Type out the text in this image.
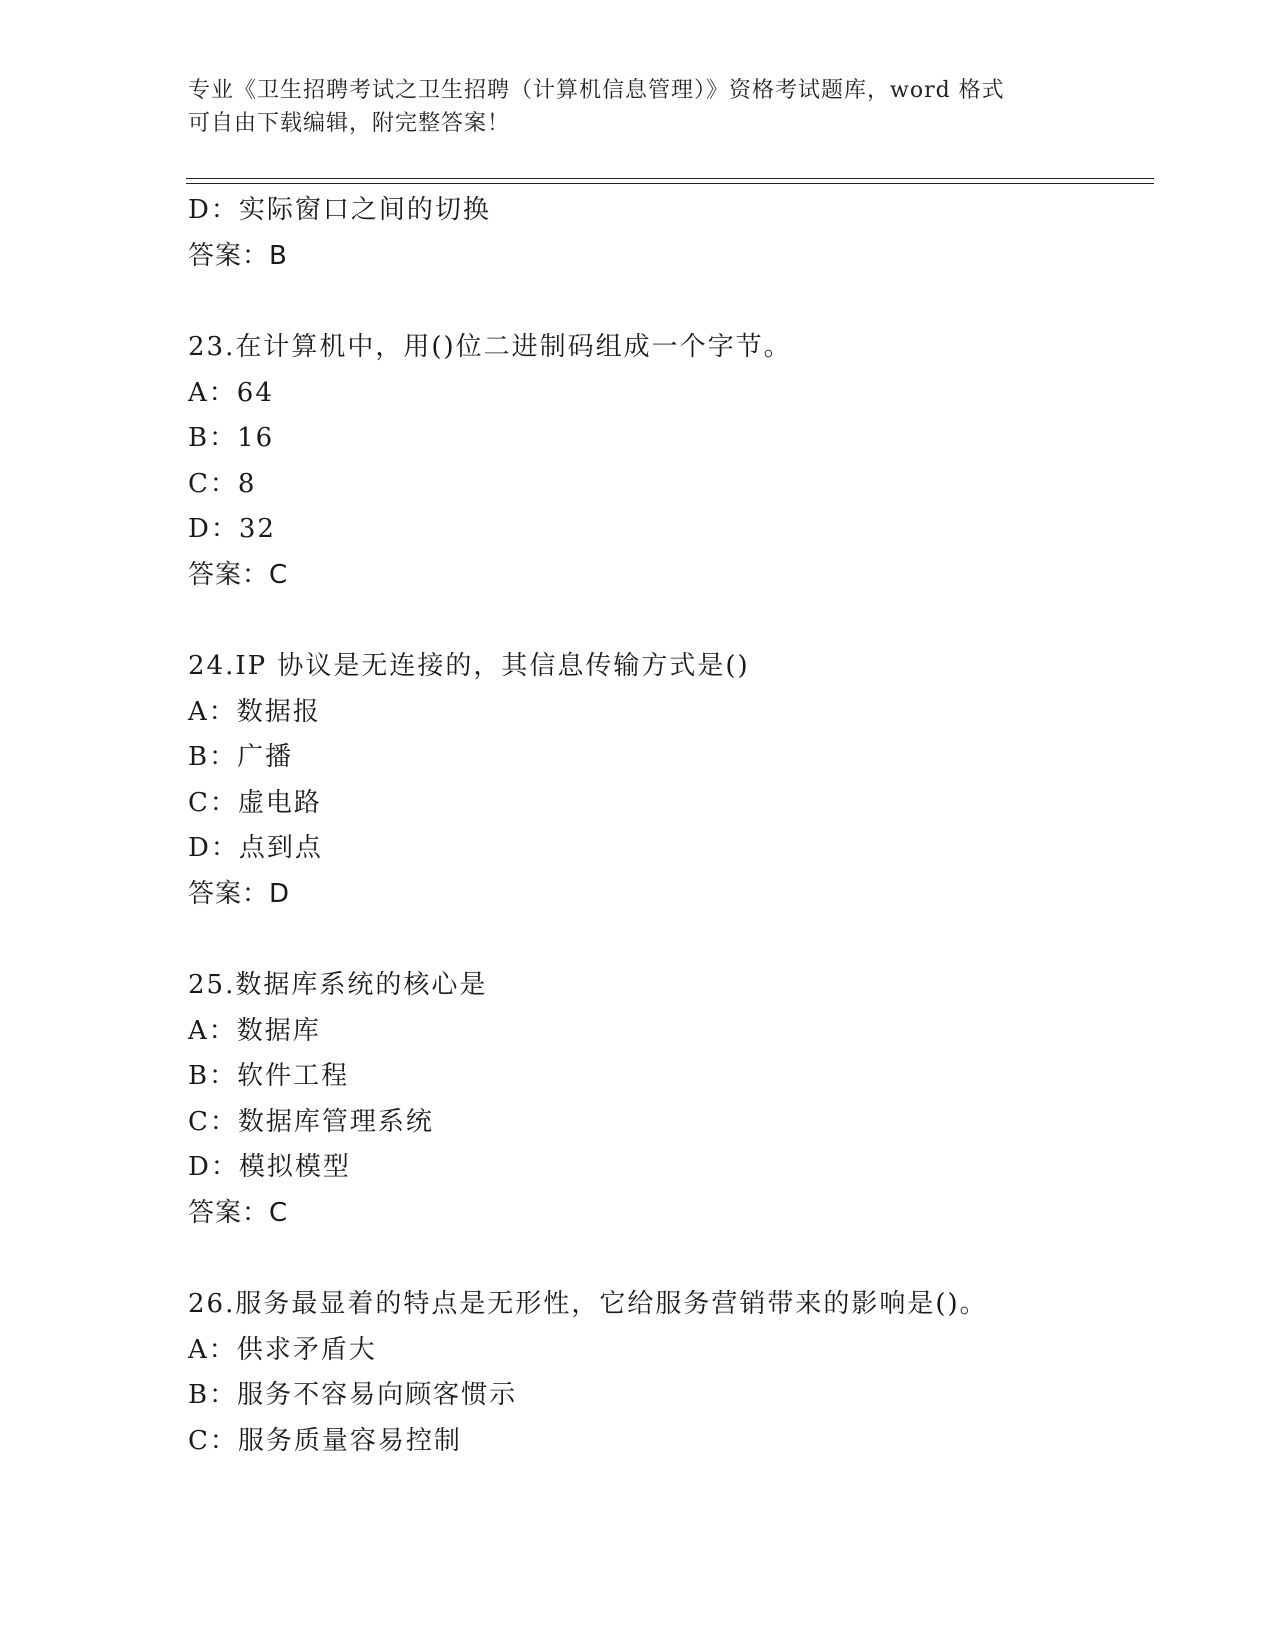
专业《卫生招聘考试之卫生招聘（计算机信息管理）》资格考试题库，word 格式
可自由下载编辑，附完整答案！
D：实际窗口之间的切换
答案：B
23.在计算机中，用()位二进制码组成一个字节。
A：64
B：16
C：8
D：32
答案：C
24.IP 协议是无连接的，其信息传输方式是()
A：数据报
B：广播
C：虚电路
D：点到点
答案：D
25.数据库系统的核心是
A：数据库
B：软件工程
C：数据库管理系统
D：模拟模型
答案：C
26.服务最显着的特点是无形性，它给服务营销带来的影响是()。
A：供求矛盾大
B：服务不容易向顾客惯示
C：服务质量容易控制
